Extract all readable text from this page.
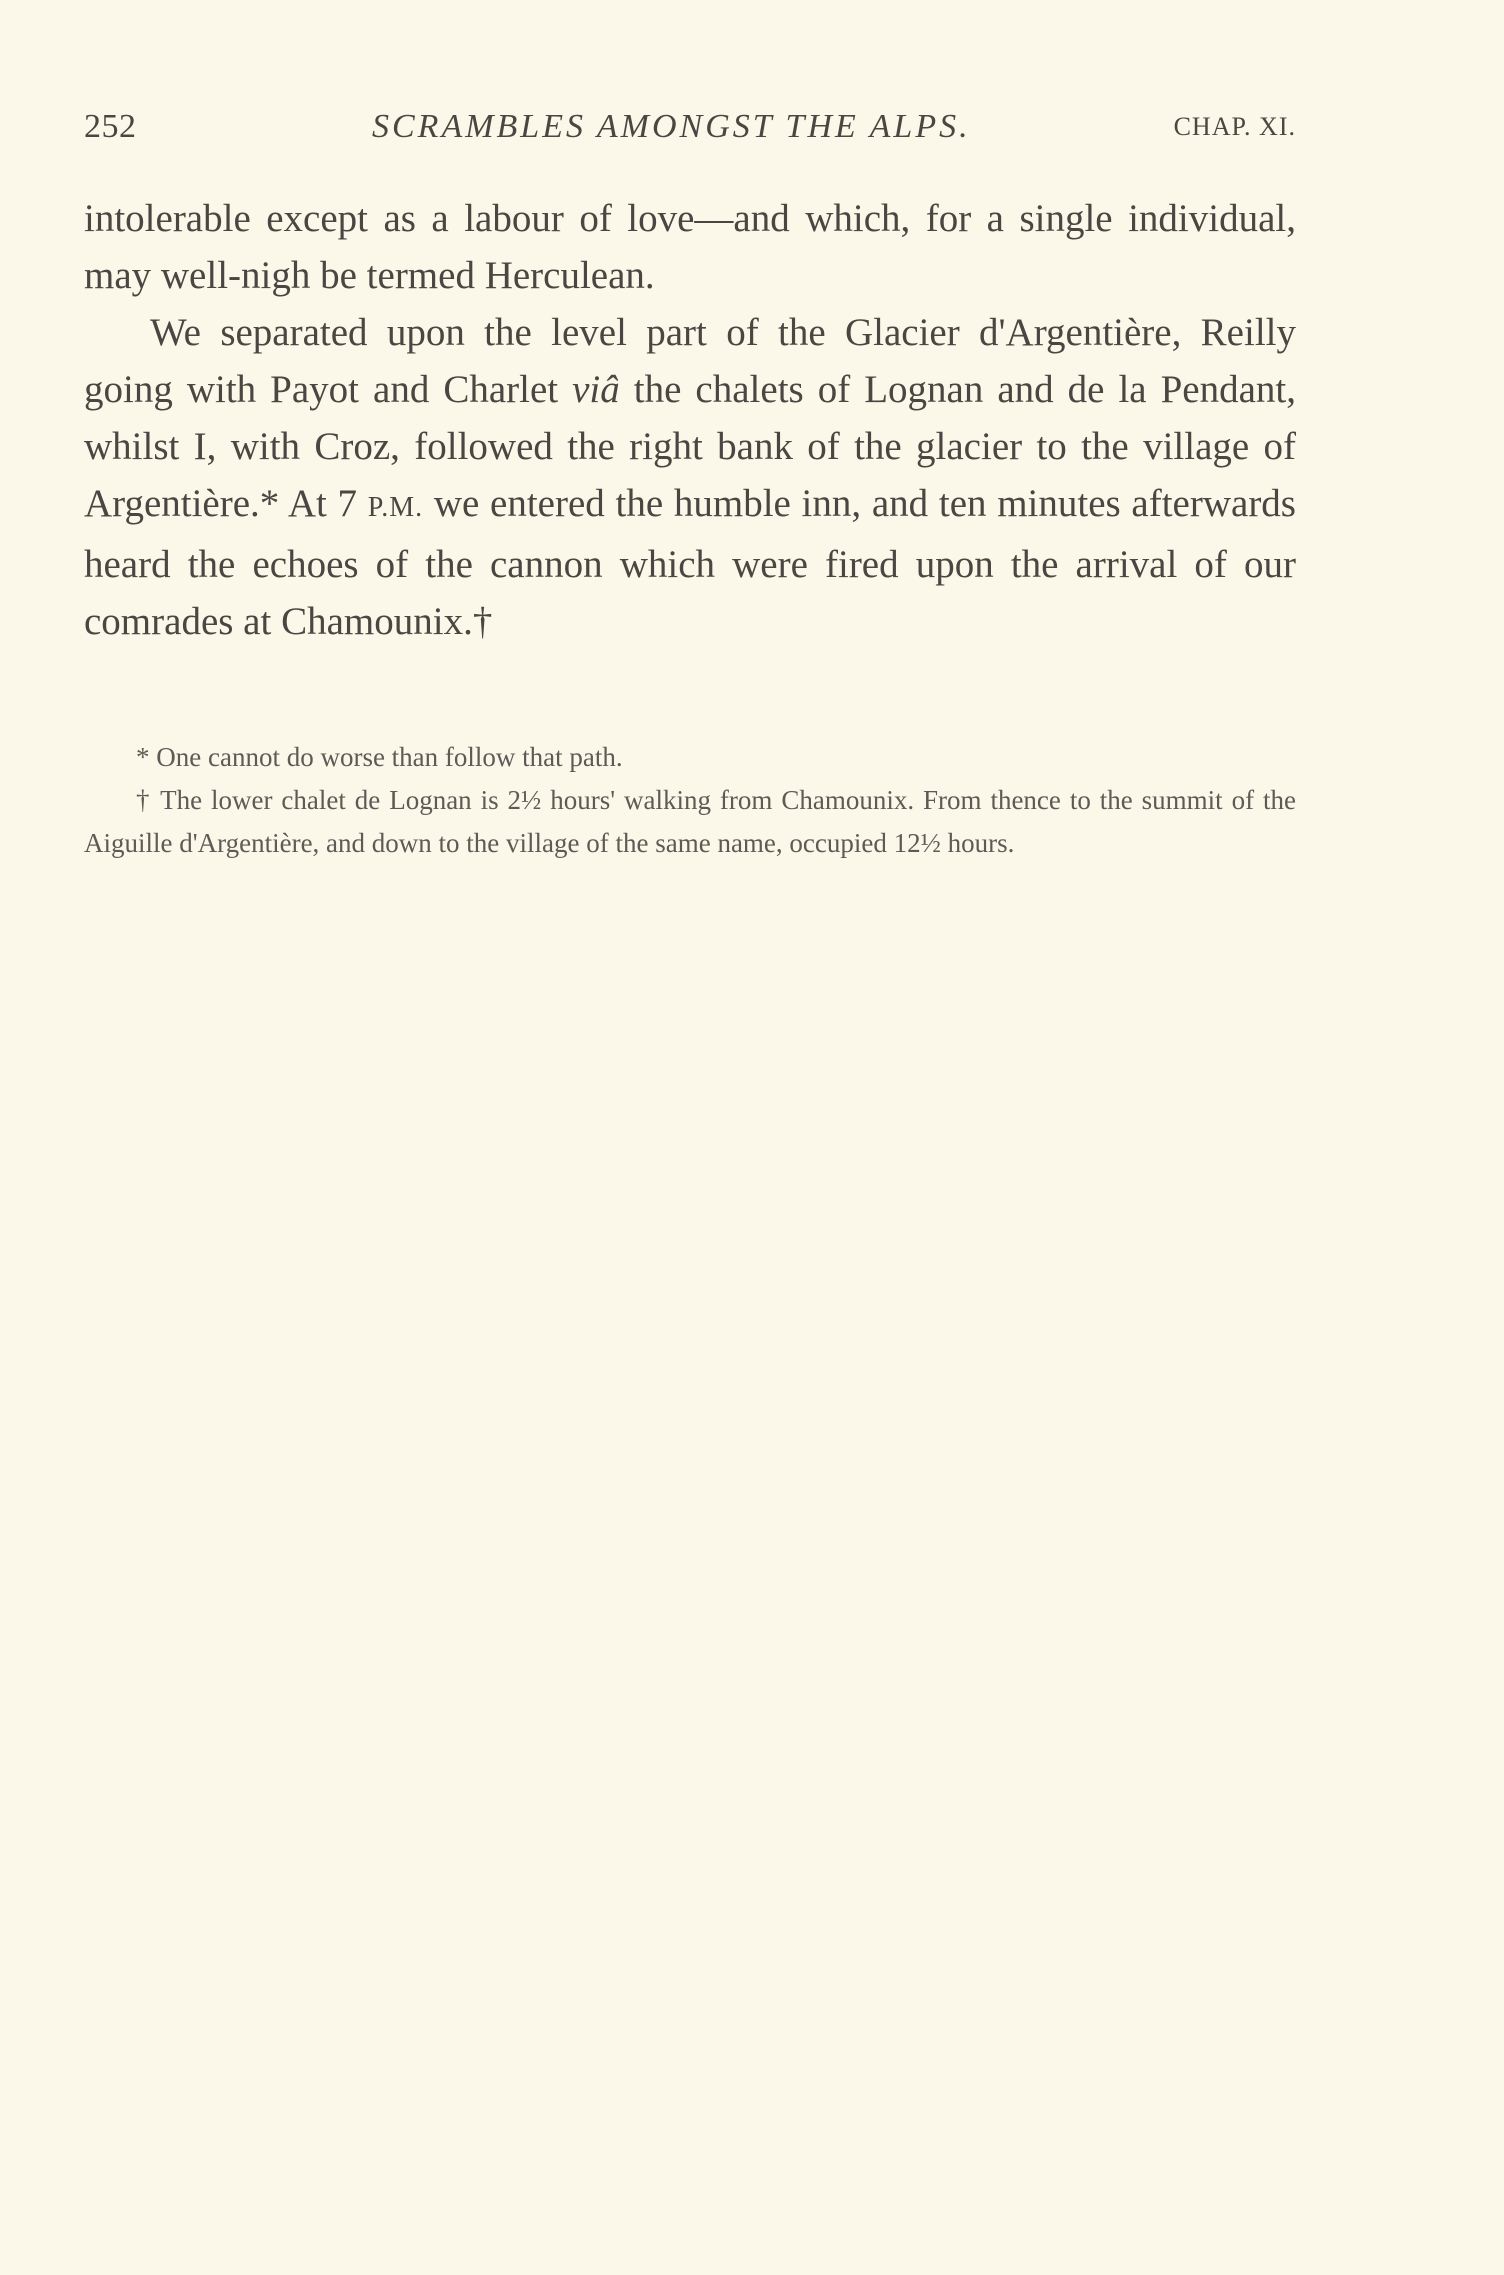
252	SCRAMBLES AMONGST THE ALPS.	CHAP. XI.

intolerable except as a labour of love—and which, for a single individual, may well-nigh be termed Herculean.

We separated upon the level part of the Glacier d'Argentière, Reilly going with Payot and Charlet viâ the chalets of Lognan and de la Pendant, whilst I, with Croz, followed the right bank of the glacier to the village of Argentière.* At 7 P.M. we entered the humble inn, and ten minutes afterwards heard the echoes of the cannon which were fired upon the arrival of our comrades at Chamounix.†

* One cannot do worse than follow that path.

† The lower chalet de Lognan is 2½ hours' walking from Chamounix. From thence to the summit of the Aiguille d'Argentière, and down to the village of the same name, occupied 12½ hours.
